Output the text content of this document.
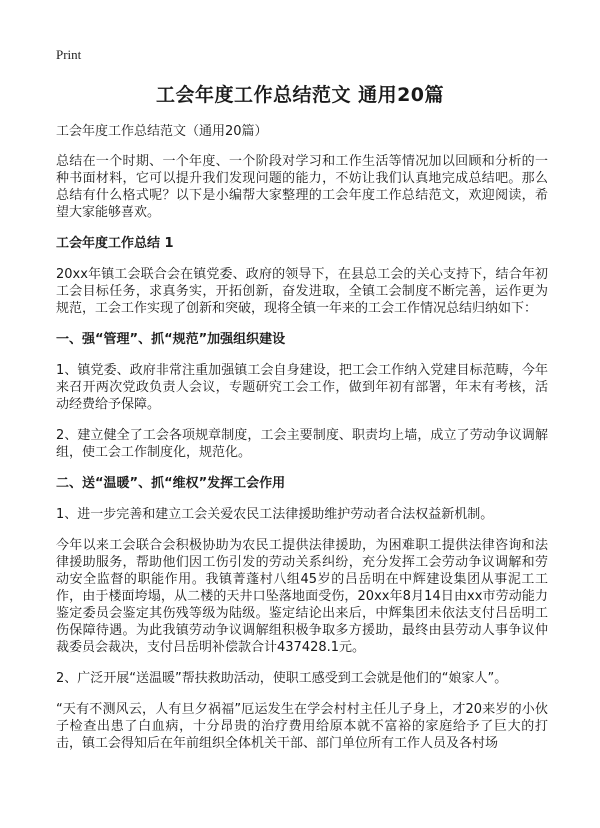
Print
工会年度工作总结范文 通用20篇

工会年度工作总结范文（通用20篇）

总结在一个时期、一个年度、一个阶段对学习和工作生活等情况加以回顾和分析的一种书面材料，它可以提升我们发现问题的能力，不妨让我们认真地完成总结吧。那么总结有什么格式呢？以下是小编帮大家整理的工会年度工作总结范文，欢迎阅读，希望大家能够喜欢。

工会年度工作总结 1

20xx年镇工会联合会在镇党委、政府的领导下，在县总工会的关心支持下，结合年初工会目标任务，求真务实，开拓创新，奋发进取，全镇工会制度不断完善，运作更为规范，工会工作实现了创新和突破，现将全镇一年来的工会工作情况总结归纳如下：

一、强“管理”、抓“规范”加强组织建设

1、镇党委、政府非常注重加强镇工会自身建设，把工会工作纳入党建目标范畴，今年来召开两次党政负责人会议，专题研究工会工作，做到年初有部署，年末有考核，活动经费给予保障。

2、建立健全了工会各项规章制度，工会主要制度、职责均上墙，成立了劳动争议调解组，使工会工作制度化，规范化。

二、送“温暖”、抓“维权”发挥工会作用

1、进一步完善和建立工会关爱农民工法律援助维护劳动者合法权益新机制。

今年以来工会联合会积极协助为农民工提供法律援助，为困难职工提供法律咨询和法律援助服务，帮助他们因工伤引发的劳动关系纠纷，充分发挥工会劳动争议调解和劳动安全监督的职能作用。我镇菁蓬村八组45岁的吕岳明在中辉建设集团从事泥工工作，由于楼面垮塌，从二楼的天井口坠落地面受伤，20xx年8月14日由xx市劳动能力鉴定委员会鉴定其伤残等级为陆级。鉴定结论出来后，中辉集团未依法支付吕岳明工伤保障待遇。为此我镇劳动争议调解组积极争取多方援助，最终由县劳动人事争议仲裁委员会裁决，支付吕岳明补偿款合计437428.1元。

2、广泛开展“送温暖”帮扶救助活动，使职工感受到工会就是他们的“娘家人”。

“天有不测风云，人有旦夕祸福”厄运发生在学会村村主任儿子身上，才20来岁的小伙子检查出患了白血病，十分昂贵的治疗费用给原本就不富裕的家庭给予了巨大的打击，镇工会得知后在年前组织全体机关干部、部门单位所有工作人员及各村场
